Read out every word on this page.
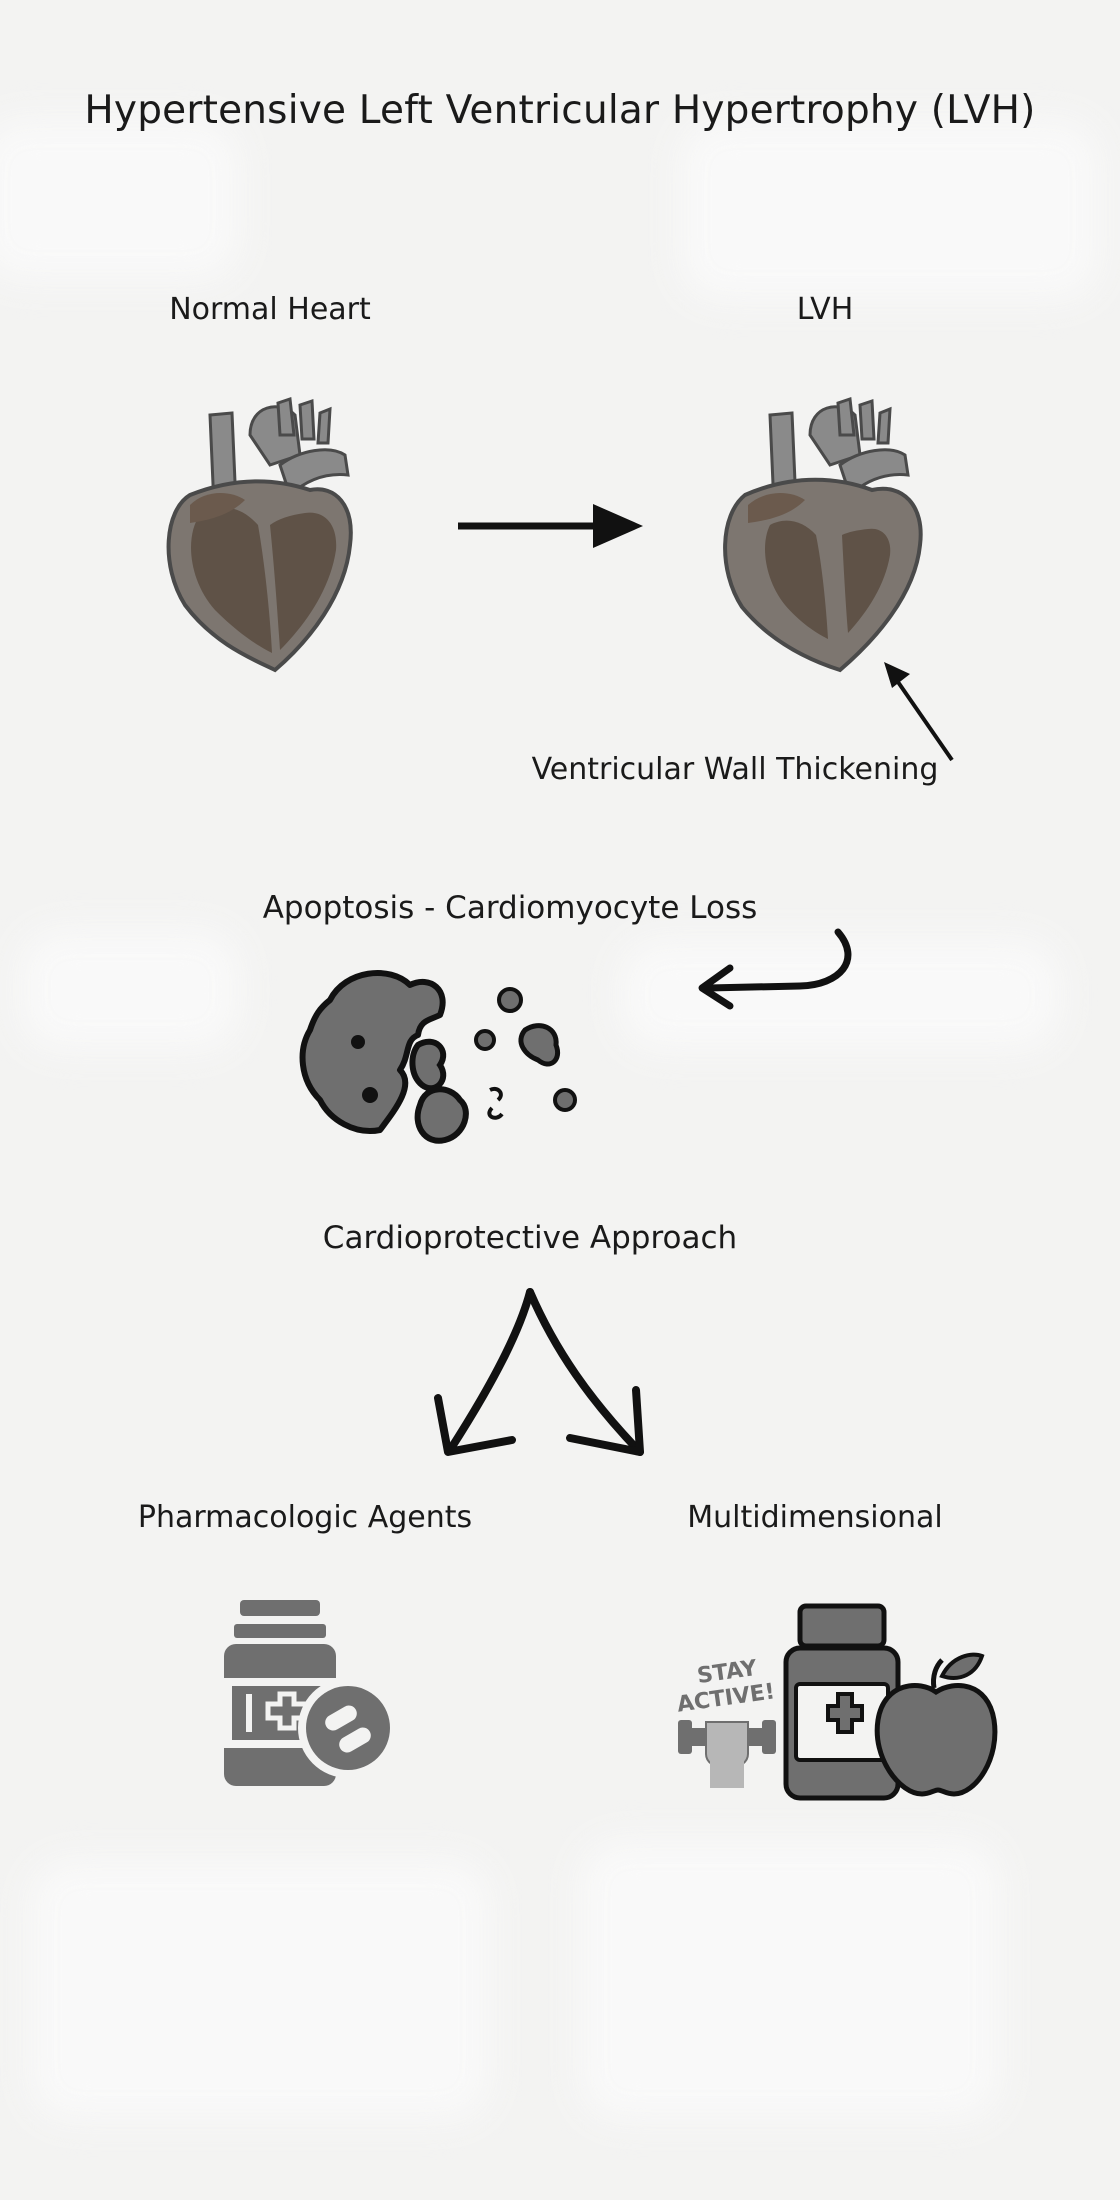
Hypertensive Left Ventricular Hypertrophy (LVH)
Normal Heart	LVH
Ventricular Wall Thickening
Apoptosis - Cardiomyocyte Loss
Cardioprotective Approach
Pharmacologic Agents	Multidimensional
STAY
ACTIVE!
